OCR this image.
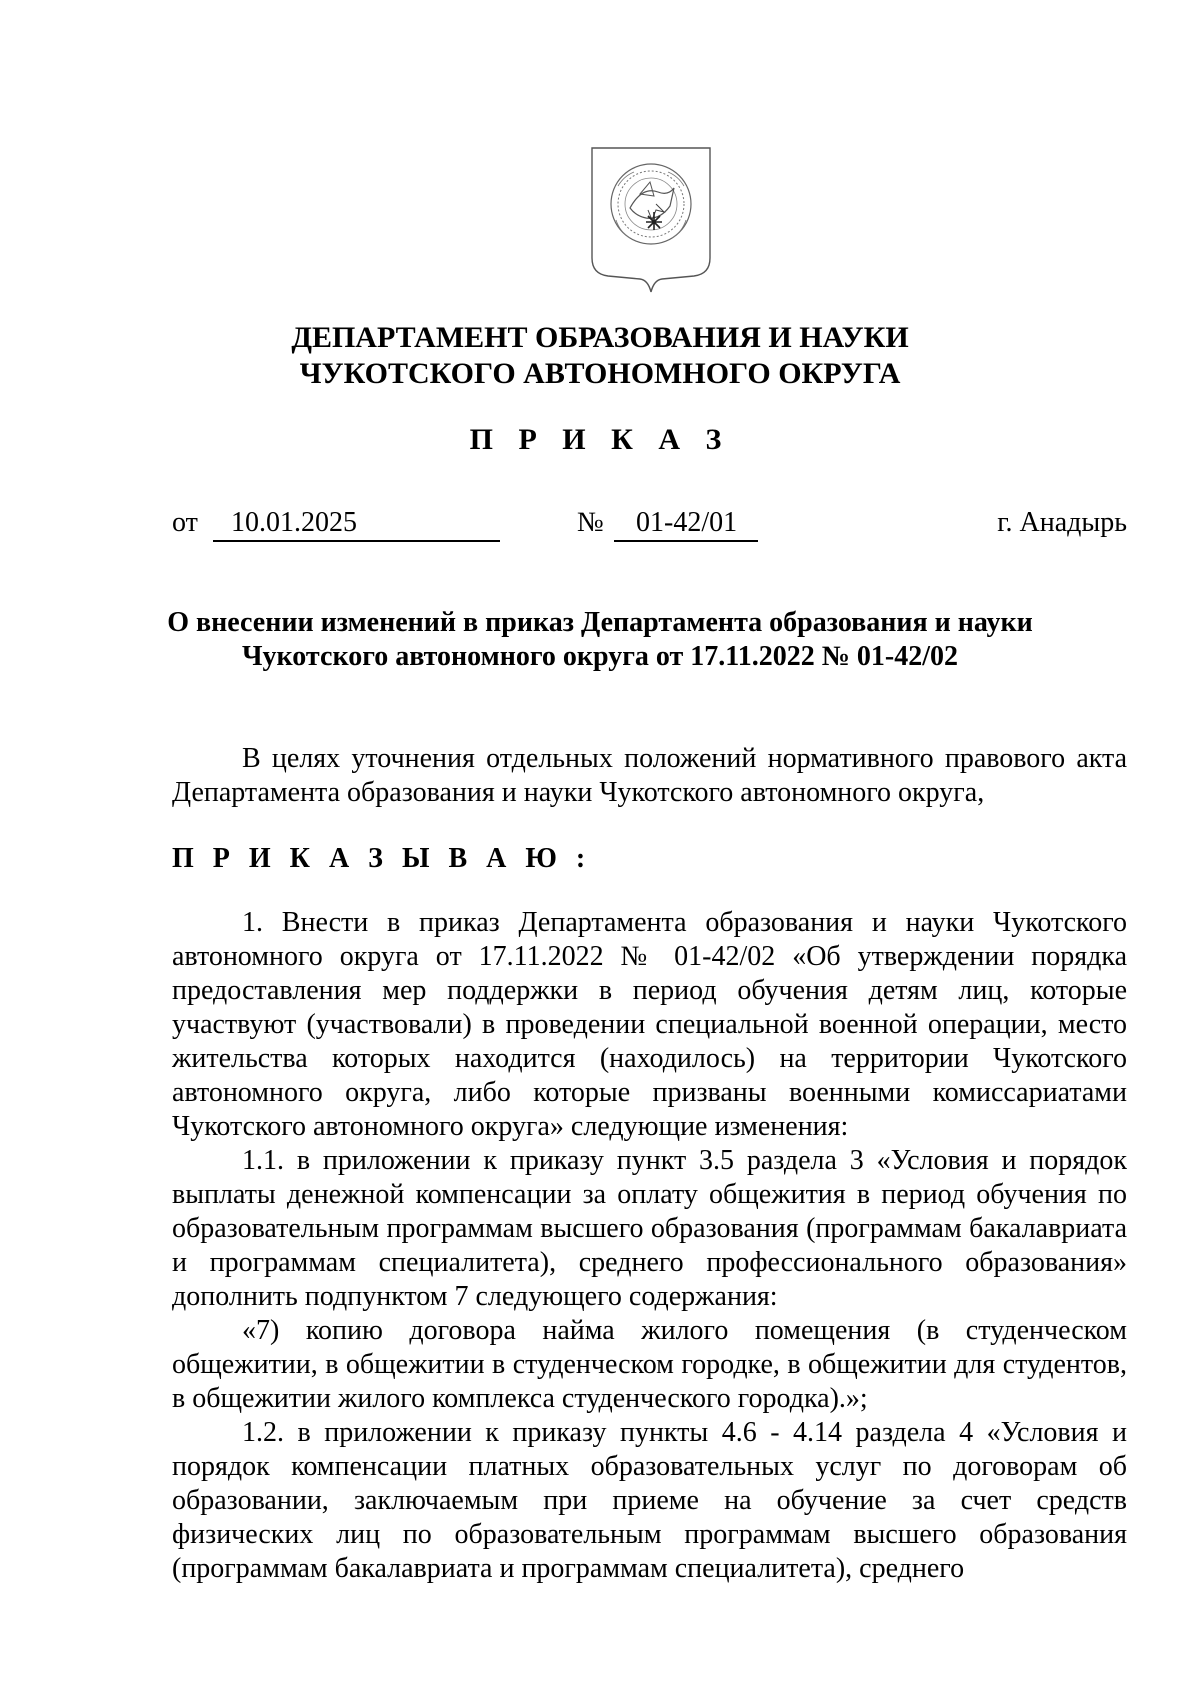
ДЕПАРТАМЕНТ ОБРАЗОВАНИЯ И НАУКИ
ЧУКОТСКОГО АВТОНОМНОГО ОКРУГА
П Р И К А З
от 10.01.2025	№ 01-42/01	г. Анадырь
О внесении изменений в приказ Департамента образования и науки
Чукотского автономного округа от 17.11.2022 № 01-42/02
В целях уточнения отдельных положений нормативного правового акта Департамента образования и науки Чукотского автономного округа,
П Р И К А З Ы В А Ю :

1. Внести в приказ Департамента образования и науки Чукотского автономного округа от 17.11.2022 № 01-42/02 «Об утверждении порядка предоставления мер поддержки в период обучения детям лиц, которые участвуют (участвовали) в проведении специальной военной операции, место жительства которых находится (находилось) на территории Чукотского автономного округа, либо которые призваны военными комиссариатами Чукотского автономного округа» следующие изменения:

1.1. в приложении к приказу пункт 3.5 раздела 3 «Условия и порядок выплаты денежной компенсации за оплату общежития в период обучения по образовательным программам высшего образования (программам бакалавриата и программам специалитета), среднего профессионального образования» дополнить подпунктом 7 следующего содержания:

«7) копию договора найма жилого помещения (в студенческом общежитии, в общежитии в студенческом городке, в общежитии для студентов, в общежитии жилого комплекса студенческого городка).»;

1.2. в приложении к приказу пункты 4.6 - 4.14 раздела 4 «Условия и порядок компенсации платных образовательных услуг по договорам об образовании, заключаемым при приеме на обучение за счет средств физических лиц по образовательным программам высшего образования (программам бакалавриата и программам специалитета), среднего
